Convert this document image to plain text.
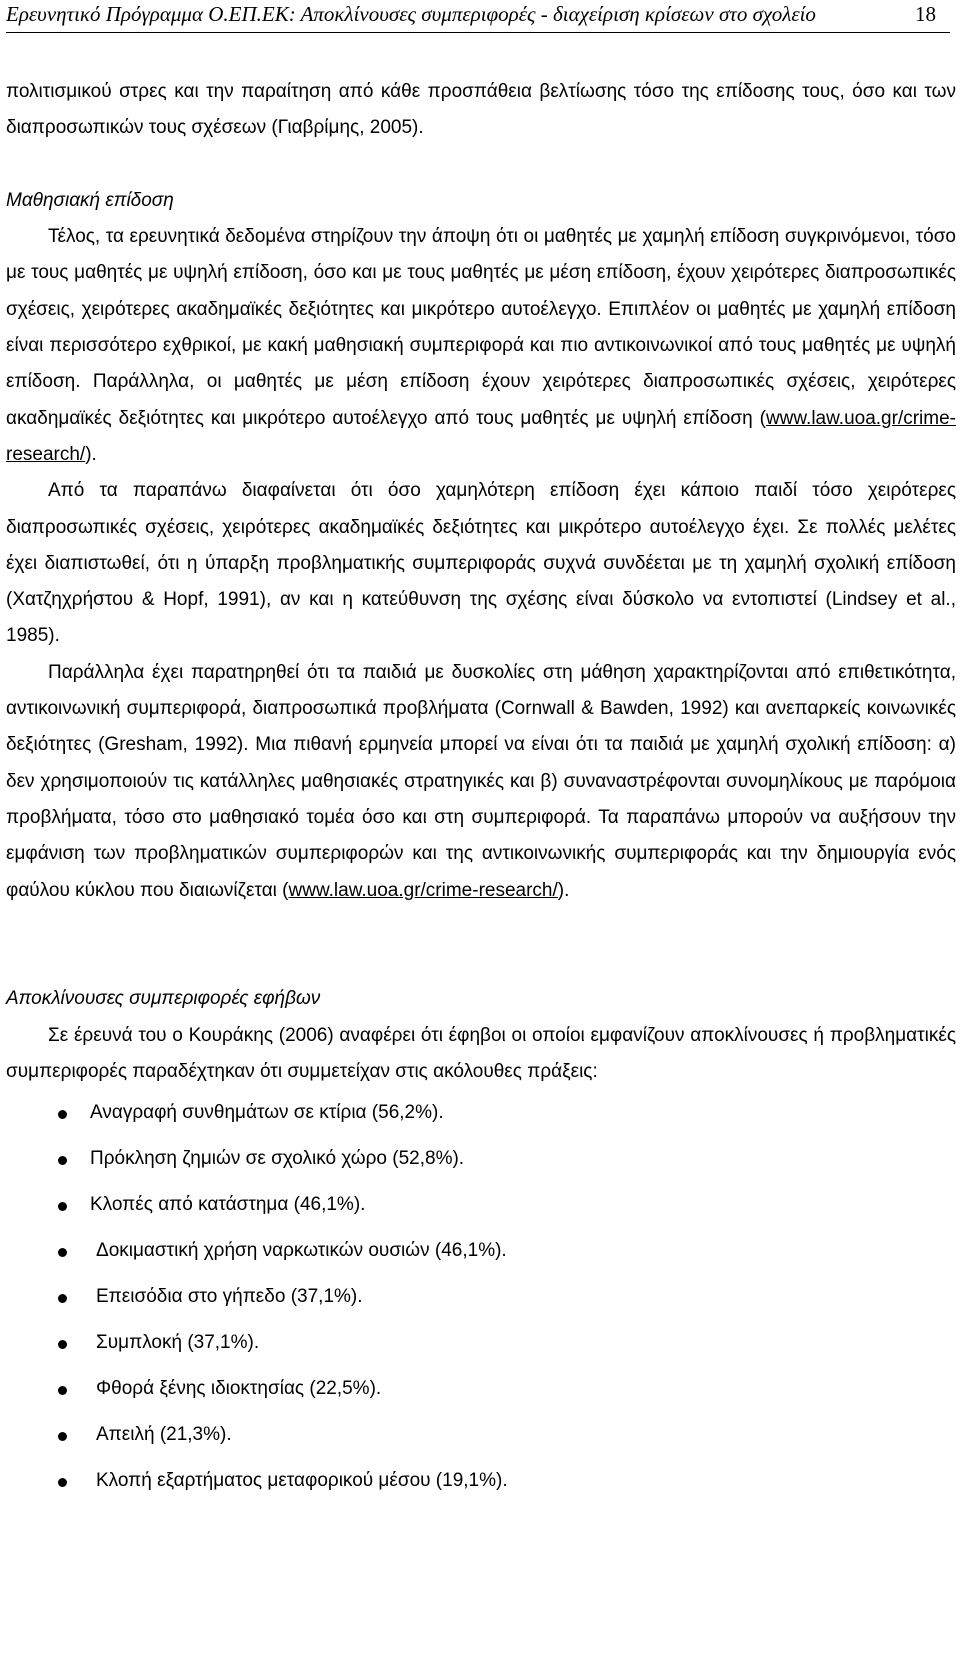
Ερευνητικό Πρόγραμμα Ο.ΕΠ.ΕΚ: Αποκλίνουσες συμπεριφορές - διαχείριση κρίσεων στο σχολείο	18

πολιτισμικού στρες και την παραίτηση από κάθε προσπάθεια βελτίωσης τόσο της επίδοσης τους, όσο και των διαπροσωπικών τους σχέσεων (Γιαβρίμης, 2005).

Μαθησιακή επίδοση

Τέλος, τα ερευνητικά δεδομένα στηρίζουν την άποψη ότι οι μαθητές με χαμηλή επίδοση συγκρινόμενοι, τόσο με τους μαθητές με υψηλή επίδοση, όσο και με τους μαθητές με μέση επίδοση, έχουν χειρότερες διαπροσωπικές σχέσεις, χειρότερες ακαδημαϊκές δεξιότητες και μικρότερο αυτοέλεγχο. Επιπλέον οι μαθητές με χαμηλή επίδοση είναι περισσότερο εχθρικοί, με κακή μαθησιακή συμπεριφορά και πιο αντικοινωνικοί από τους μαθητές με υψηλή επίδοση. Παράλληλα, οι μαθητές με μέση επίδοση έχουν χειρότερες διαπροσωπικές σχέσεις, χειρότερες ακαδημαϊκές δεξιότητες και μικρότερο αυτοέλεγχο από τους μαθητές με υψηλή επίδοση (www.law.uoa.gr/crime-research/).

Από τα παραπάνω διαφαίνεται ότι όσο χαμηλότερη επίδοση έχει κάποιο παιδί τόσο χειρότερες διαπροσωπικές σχέσεις, χειρότερες ακαδημαϊκές δεξιότητες και μικρότερο αυτοέλεγχο έχει. Σε πολλές μελέτες έχει διαπιστωθεί, ότι η ύπαρξη προβληματικής συμπεριφοράς συχνά συνδέεται με τη χαμηλή σχολική επίδοση (Χατζηχρήστου & Hopf, 1991), αν και η κατεύθυνση της σχέσης είναι δύσκολο να εντοπιστεί (Lindsey et al., 1985).

Παράλληλα έχει παρατηρηθεί ότι τα παιδιά με δυσκολίες στη μάθηση χαρακτηρίζονται από επιθετικότητα, αντικοινωνική συμπεριφορά, διαπροσωπικά προβλήματα (Cornwall & Bawden, 1992) και ανεπαρκείς κοινωνικές δεξιότητες (Gresham, 1992). Μια πιθανή ερμηνεία μπορεί να είναι ότι τα παιδιά με χαμηλή σχολική επίδοση: α) δεν χρησιμοποιούν τις κατάλληλες μαθησιακές στρατηγικές και β) συναναστρέφονται συνομηλίκους με παρόμοια προβλήματα, τόσο στο μαθησιακό τομέα όσο και στη συμπεριφορά. Τα παραπάνω μπορούν να αυξήσουν την εμφάνιση των προβληματικών συμπεριφορών και της αντικοινωνικής συμπεριφοράς και την δημιουργία ενός φαύλου κύκλου που διαιωνίζεται (www.law.uoa.gr/crime-research/).

Αποκλίνουσες συμπεριφορές εφήβων

Σε έρευνά του ο Κουράκης (2006) αναφέρει ότι έφηβοι οι οποίοι εμφανίζουν αποκλίνουσες ή προβληματικές συμπεριφορές παραδέχτηκαν ότι συμμετείχαν στις ακόλουθες πράξεις:

Αναγραφή συνθημάτων σε κτίρια (56,2%).
Πρόκληση ζημιών σε σχολικό χώρο (52,8%).
Κλοπές από κατάστημα (46,1%).
Δοκιμαστική χρήση ναρκωτικών ουσιών (46,1%).
Επεισόδια στο γήπεδο (37,1%).
Συμπλοκή (37,1%).
Φθορά ξένης ιδιοκτησίας (22,5%).
Απειλή (21,3%).
Κλοπή εξαρτήματος μεταφορικού μέσου (19,1%).
